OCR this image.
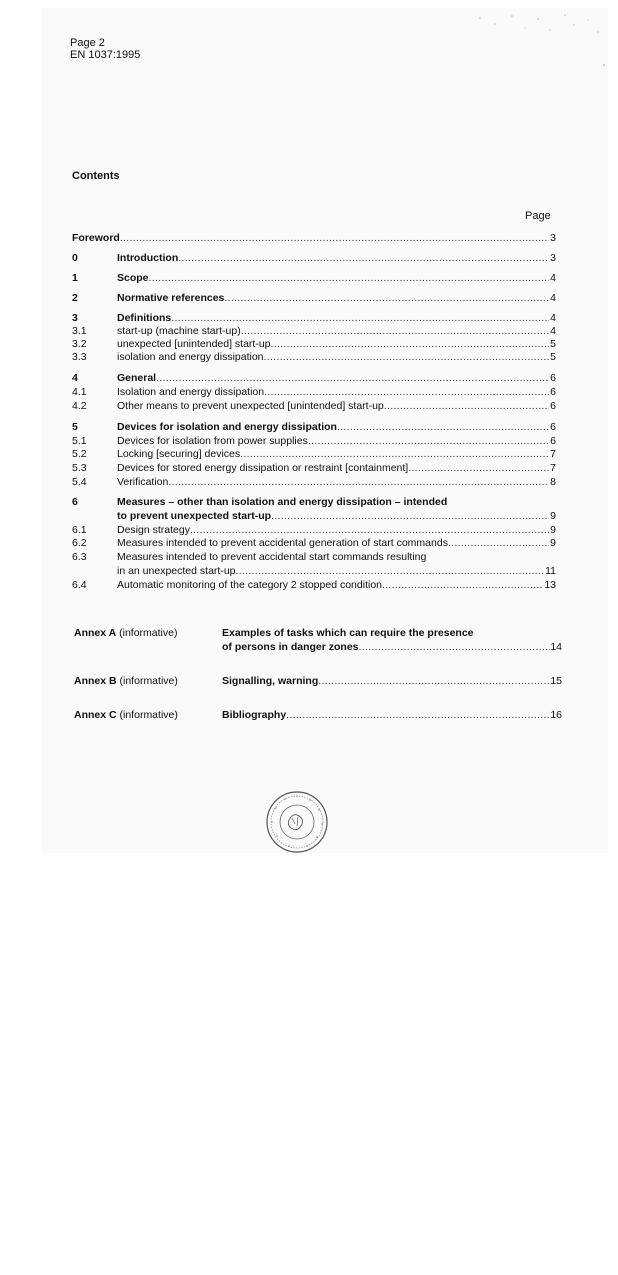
Page 2
EN 1037:1995
Contents
Page
Foreword .....	3
0	Introduction .....	3
1	Scope .....	4
2	Normative references .....	4
3	Definitions .....	4
3.1	start-up (machine start-up) .....	4
3.2	unexpected [unintended] start-up .....	5
3.3	isolation and energy dissipation .....	5
4	General .....	6
4.1	Isolation and energy dissipation .....	6
4.2	Other means to prevent unexpected [unintended] start-up .....	6
5	Devices for isolation and energy dissipation .....	6
5.1	Devices for isolation from power supplies .....	6
5.2	Locking [securing] devices .....	7
5.3	Devices for stored energy dissipation or restraint [containment] .....	7
5.4	Verification .....	8
6	Measures – other than isolation and energy dissipation – intended
to prevent unexpected start-up .....	9
6.1	Design strategy .....	9
6.2	Measures intended to prevent accidental generation of start commands .....	9
6.3	Measures intended to prevent accidental start commands resulting
in an unexpected start-up .....	11
6.4	Automatic monitoring of the category 2 stopped condition .....	13
Annex A (informative)	Examples of tasks which can require the presence
of persons in danger zones .....	14
Annex B (informative)	Signalling, warning .....	15
Annex C (informative)	Bibliography .....	16
